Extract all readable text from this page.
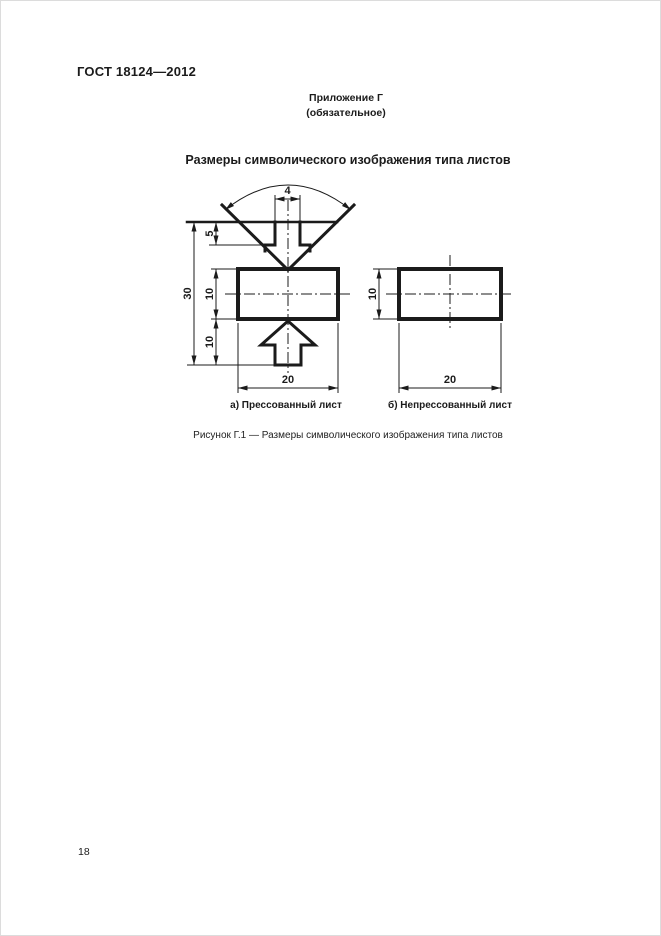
ГОСТ 18124—2012
Приложение Г
(обязательное)
Размеры символического изображения типа листов
4
5
30 10
10
20
а) Прессованный лист
10
20
б) Непрессованный лист
Рисунок Г.1 — Размеры символического изображения типа листов
18
